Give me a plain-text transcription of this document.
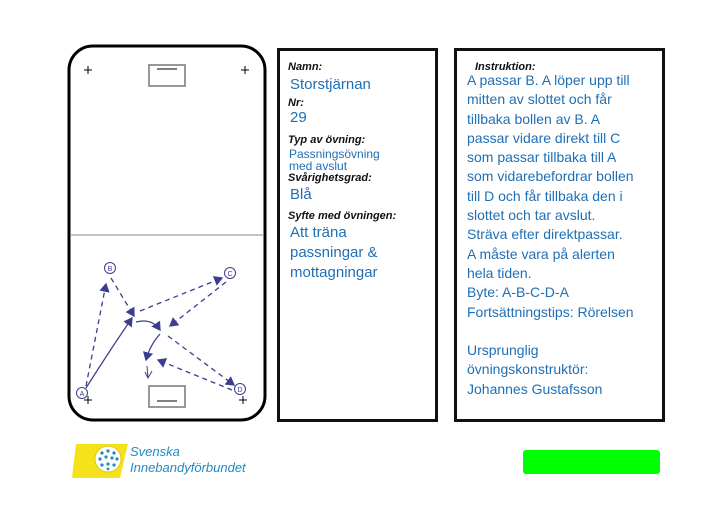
A
B
C
D
Namn:
Storstjärnan
Nr:
29
Typ av övning:
Passningsövning
med avslut
Svårighetsgrad:
Blå
Syfte med övningen:
Att träna
passningar &
mottagningar
Instruktion:
A passar B. A löper upp till
mitten av slottet och får
tillbaka bollen av B. A
passar vidare direkt till C
som passar tillbaka till A
som vidarebefordrar bollen
till D och får tillbaka den i
slottet och tar avslut.
Sträva efter direktpassar.
A måste vara på alerten
hela tiden.
Byte: A-B-C-D-A
Fortsättningstips: Rörelsen

Ursprunglig
övningskonstruktör:
Johannes Gustafsson
Svenska
Innebandyförbundet
